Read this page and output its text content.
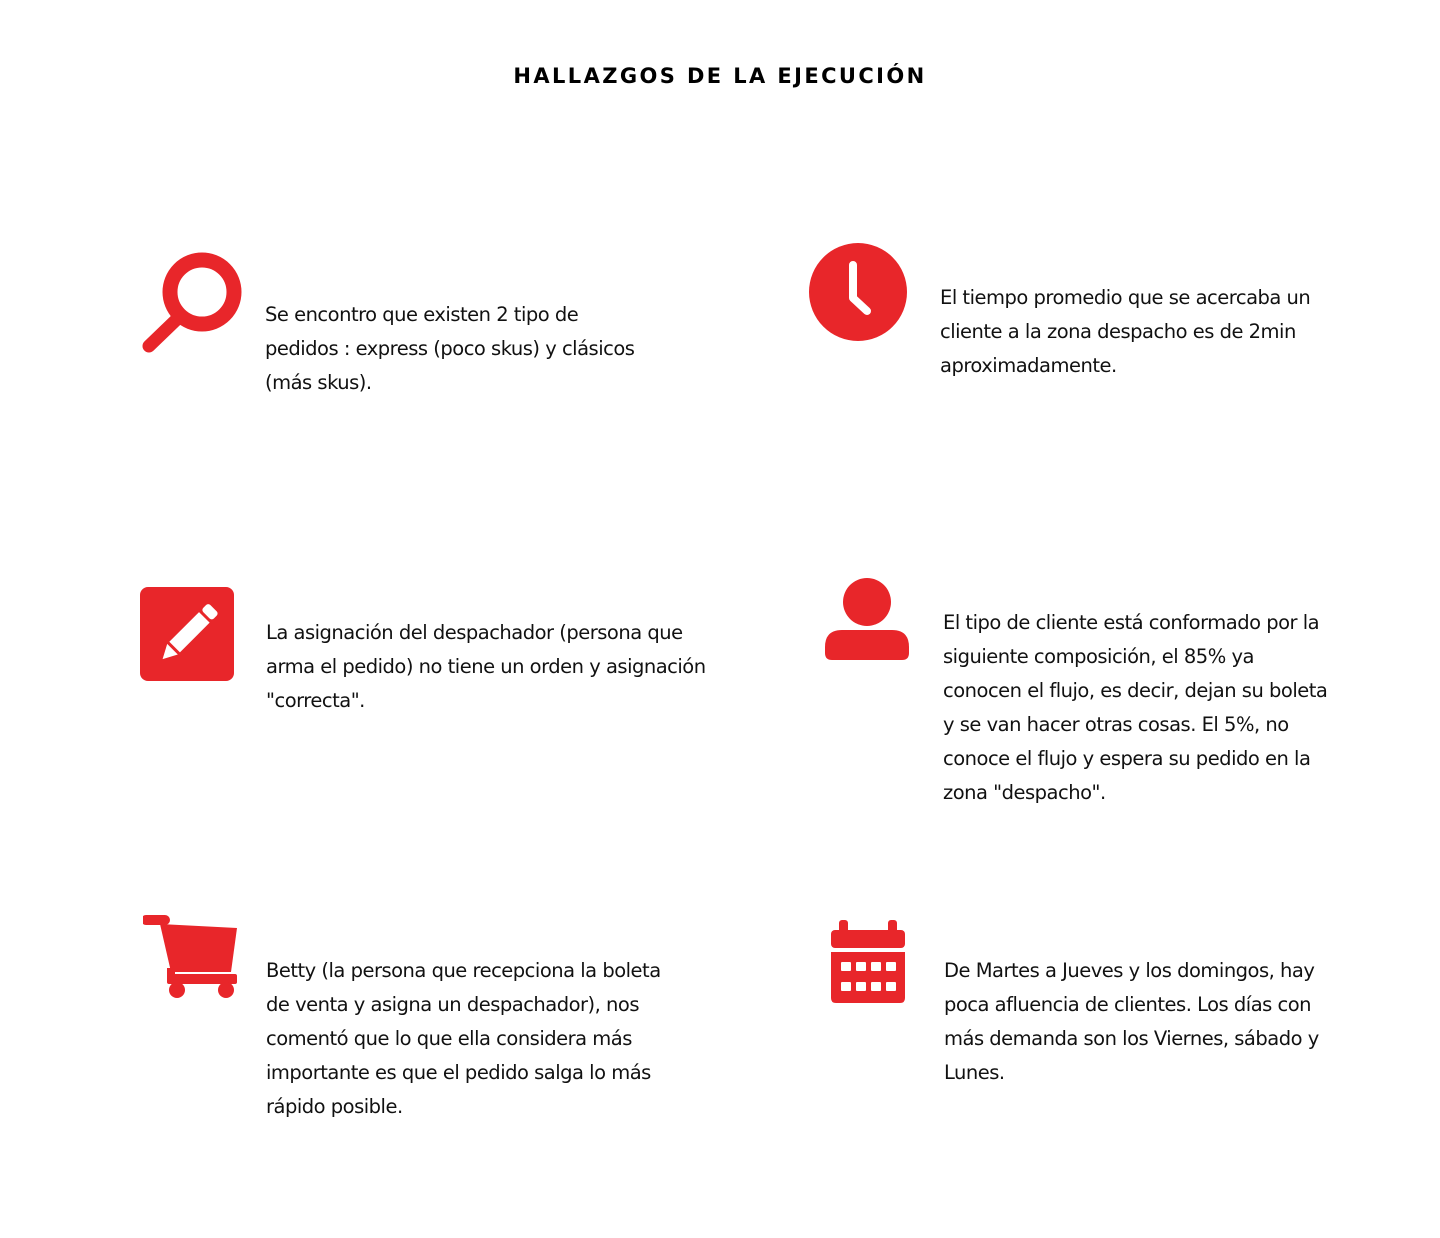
HALLAZGOS DE LA EJECUCIÓN

Se encontro que existen 2 tipo de pedidos : express (poco skus) y clásicos (más skus).

El tiempo promedio que se acercaba un cliente a la zona despacho es de 2min aproximadamente.

La asignación del despachador (persona que arma el pedido) no tiene un orden y asignación "correcta".

El tipo de cliente está conformado por la siguiente composición, el 85% ya conocen el flujo, es decir, dejan su boleta y se van hacer otras cosas. El 5%, no conoce el flujo y espera su pedido en la zona "despacho".

Betty (la persona que recepciona la boleta de venta y asigna un despachador), nos comentó que lo que ella considera más importante es que el pedido salga lo más rápido posible.

De Martes a Jueves y los domingos, hay poca afluencia de clientes. Los días con más demanda son los Viernes, sábado y Lunes.
